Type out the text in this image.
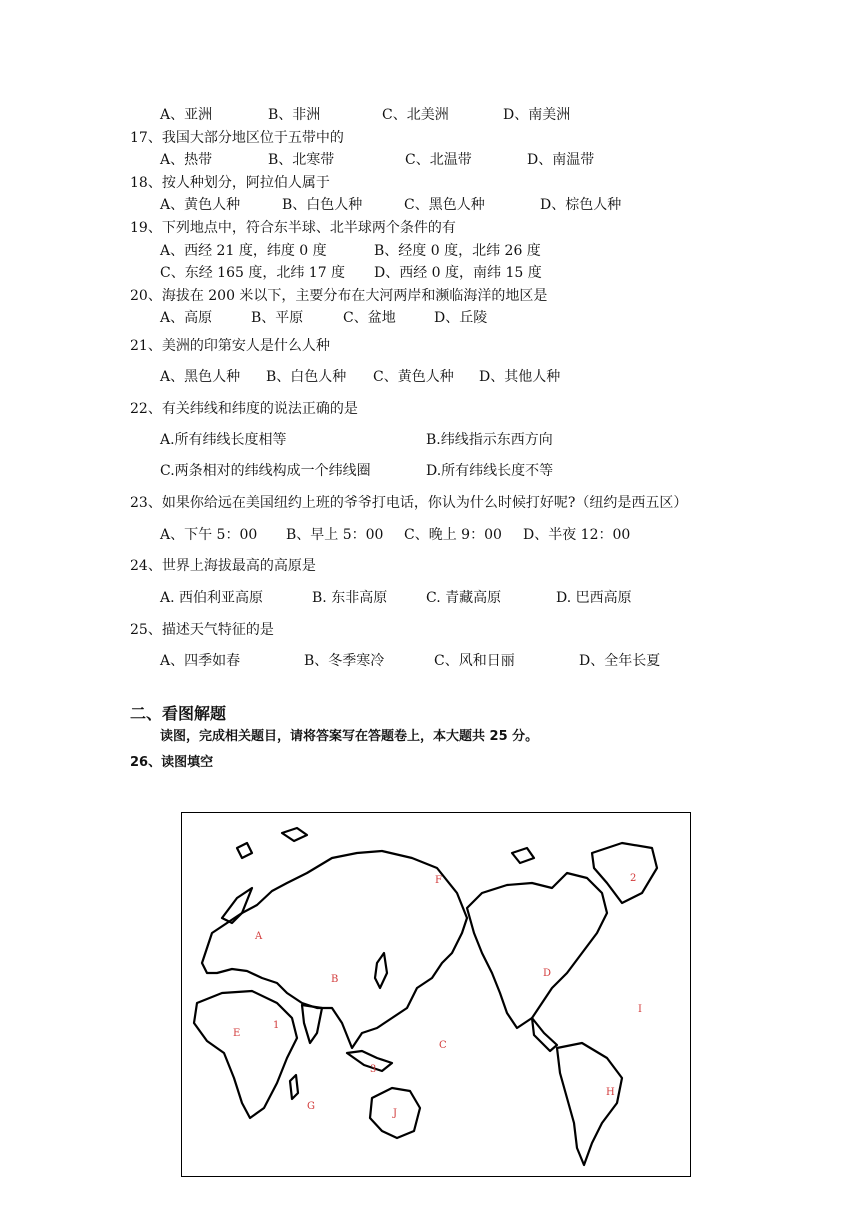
A、亚洲	B、非洲	C、北美洲	D、南美洲
17、我国大部分地区位于五带中的
A、热带	B、北寒带	C、北温带	D、南温带
18、按人种划分，阿拉伯人属于
A、黄色人种	B、白色人种	C、黑色人种	D、棕色人种
19、下列地点中，符合东半球、北半球两个条件的有
A、西经 21 度，纬度 0 度	B、经度 0 度，北纬 26 度
C、东经 165 度，北纬 17 度 D、西经 0 度，南纬 15 度
20、海拔在 200 米以下，主要分布在大河两岸和濒临海洋的地区是
A、高原	B、平原	C、盆地	D、丘陵
21、美洲的印第安人是什么人种
A、黑色人种 B、白色人种 C、黄色人种 D、其他人种
22、有关纬线和纬度的说法正确的是
A.所有纬线长度相等	B.纬线指示东西方向
C.两条相对的纬线构成一个纬线圈	D.所有纬线长度不等
23、如果你给远在美国纽约上班的爷爷打电话，你认为什么时候打好呢?（纽约是西五区）
A、下午 5：00 B、早上 5：00 C、晚上 9：00 D、半夜 12：00
24、世界上海拔最高的高原是
A. 西伯利亚高原	B. 东非高原	C. 青藏高原	D. 巴西高原
25、描述天气特征的是
A、四季如春	B、冬季寒冷	C、风和日丽	D、全年长夏
二、看图解题
读图，完成相关题目，请将答案写在答题卷上，本大题共 25 分。
26、读图填空
A
B
C
D
E
F
G
H
I
J
1
2
3
